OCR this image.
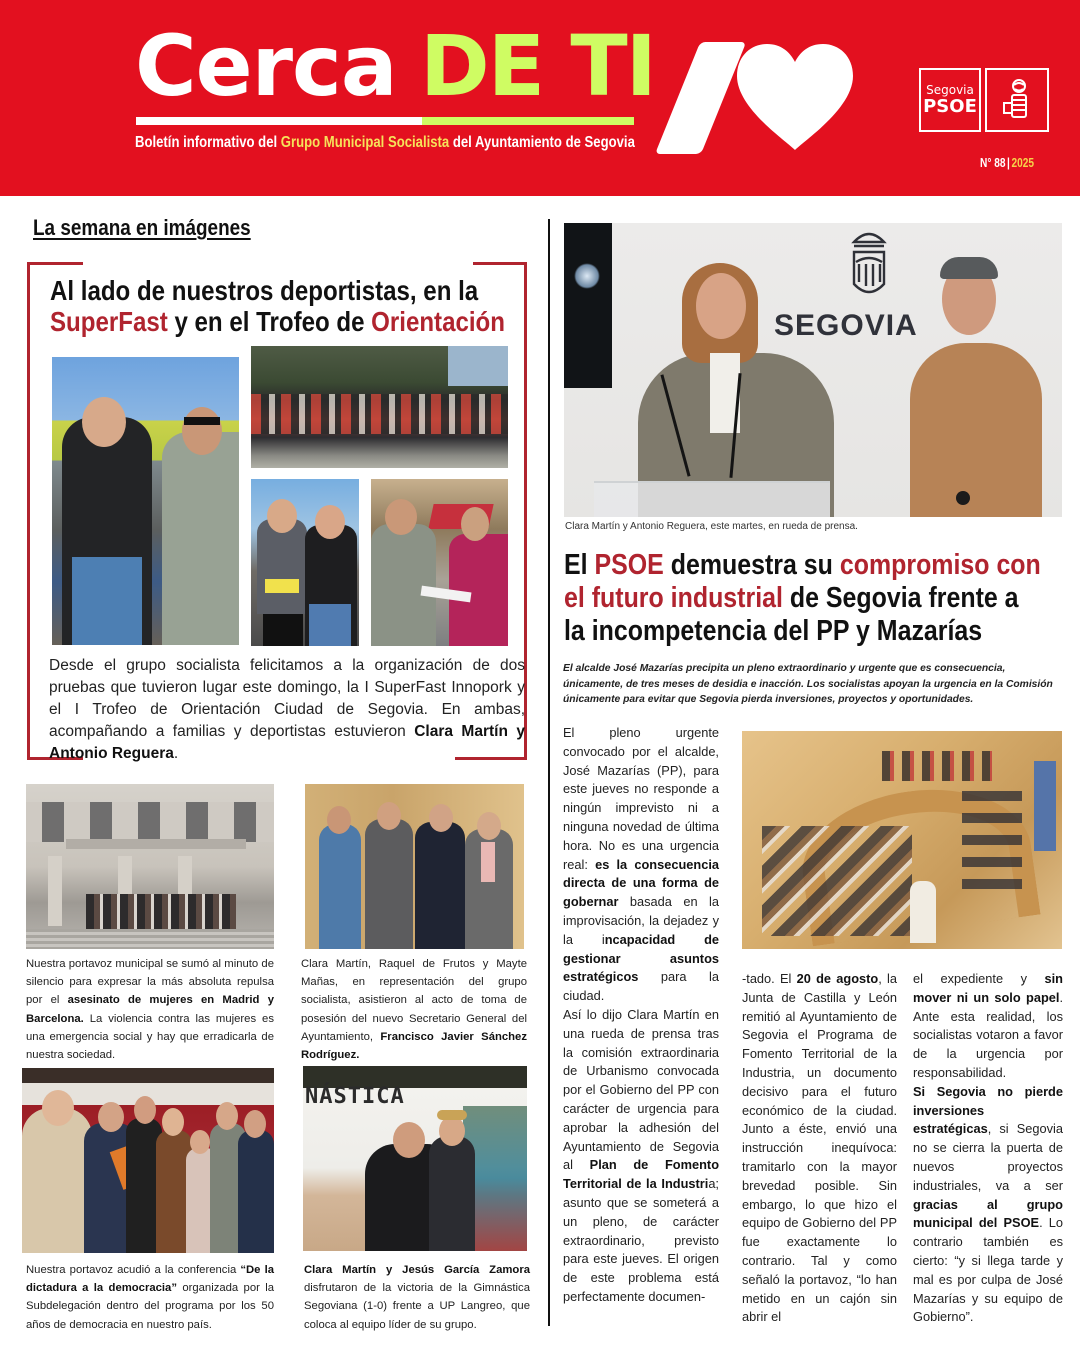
Cerca DE TI
Boletín informativo del Grupo Municipal Socialista del Ayuntamiento de Segovia
Segovia
PSOE
N° 88 | 2025
La semana en imágenes
Al lado de nuestros deportistas, en la
SuperFast y en el Trofeo de Orientación

Desde el grupo socialista felicitamos a la organización de dos pruebas que tuvieron lugar este domingo, la I SuperFast Innopork y el I Trofeo de Orientación Ciudad de Segovia. En ambas, acompañando a familias y deportistas estuvieron Clara Martín y Antonio Reguera.

Nuestra portavoz municipal se sumó al minuto de silencio para expresar la más absoluta repulsa por el asesinato de mujeres en Madrid y Barcelona. La violencia contra las mujeres es una emergencia social y hay que erradicarla de nuestra sociedad.

Clara Martín, Raquel de Frutos y Mayte Mañas, en representación del grupo socialista, asistieron al acto de toma de posesión del nuevo Secretario General del Ayuntamiento, Francisco Javier Sánchez Rodríguez.

NÁSTICA

Nuestra portavoz acudió a la conferencia “De la dictadura a la democracia” organizada por la Subdelegación dentro del programa por los 50 años de democracia en nuestro país.

Clara Martín y Jesús García Zamora disfrutaron de la victoria de la Gimnástica Segoviana (1-0) frente a UP Langreo, que coloca al equipo líder de su grupo.

SEGOVIA
Clara Martín y Antonio Reguera, este martes, en rueda de prensa.
El PSOE demuestra su compromiso con
el futuro industrial de Segovia frente a
la incompetencia del PP y Mazarías

El alcalde José Mazarías precipita un pleno extraordinario y urgente que es consecuencia, únicamente, de tres meses de desidia e inacción. Los socialistas apoyan la urgencia en la Comisión únicamente para evitar que Segovia pierda inversiones, proyectos y oportunidades.

El pleno urgente convocado por el alcalde, José Mazarías (PP), para este jueves no responde a ningún imprevisto ni a ninguna novedad de última hora. No es una urgencia real: es la consecuencia directa de una forma de gobernar basada en la improvisación, la dejadez y la incapacidad de gestionar asuntos estratégicos para la ciudad.
Así lo dijo Clara Martín en una rueda de prensa tras la comisión extraordinaria de Urbanismo convocada por el Gobierno del PP con carácter de urgencia para aprobar la adhesión del Ayuntamiento de Segovia al Plan de Fomento Territorial de la Industria; asunto que se someterá a un pleno, de carácter extraordinario, previsto para este jueves. El origen de este problema está perfectamente documen-

-tado. El 20 de agosto, la Junta de Castilla y León remitió al Ayuntamiento de Segovia el Programa de Fomento Territorial de la Industria, un documento decisivo para el futuro económico de la ciudad. Junto a éste, envió una instrucción inequívoca: tramitarlo con la mayor brevedad posible. Sin embargo, lo que hizo el equipo de Gobierno del PP fue exactamente lo contrario. Tal y como señaló la portavoz, “lo han metido en un cajón sin abrir el

el expediente y sin mover ni un solo papel. Ante esta realidad, los socialistas votaron a favor de la urgencia por responsabilidad.
Si Segovia no pierde inversiones estratégicas, si Segovia no se cierra la puerta de nuevos proyectos industriales, va a ser gracias al grupo municipal del PSOE. Lo contrario también es cierto: “y si llega tarde y mal es por culpa de José Mazarías y su equipo de Gobierno”.
